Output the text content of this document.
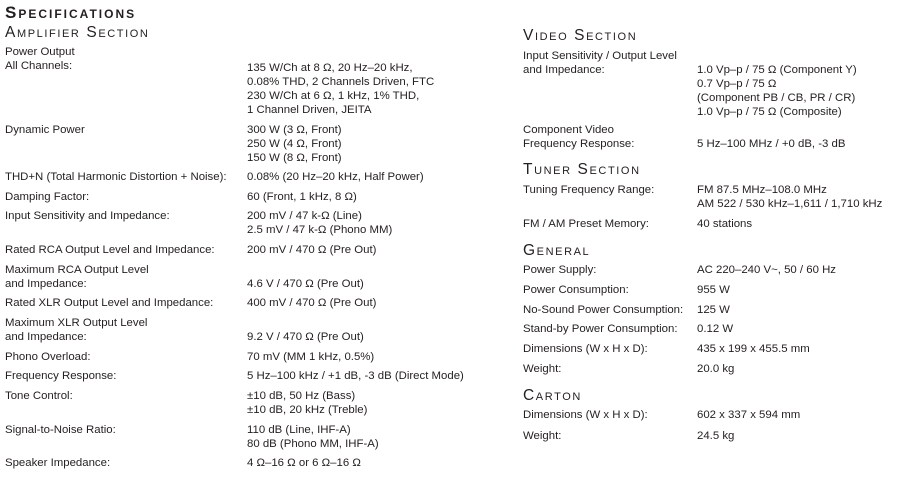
Specifications
Amplifier Section
Power Output
All Channels:	135 W/Ch at 8 Ω, 20 Hz–20 kHz,
0.08% THD, 2 Channels Driven, FTC
230 W/Ch at 6 Ω, 1 kHz, 1% THD,
1 Channel Driven, JEITA
Dynamic Power	300 W (3 Ω, Front)
250 W (4 Ω, Front)
150 W (8 Ω, Front)
THD+N (Total Harmonic Distortion + Noise): 0.08% (20 Hz–20 kHz, Half Power)
Damping Factor:	60 (Front, 1 kHz, 8 Ω)
Input Sensitivity and Impedance:	200 mV / 47 k-Ω (Line)
2.5 mV / 47 k-Ω (Phono MM)
Rated RCA Output Level and Impedance:	200 mV / 470 Ω (Pre Out)
Maximum RCA Output Level
and Impedance:	4.6 V / 470 Ω (Pre Out)
Rated XLR Output Level and Impedance:	400 mV / 470 Ω (Pre Out)
Maximum XLR Output Level
and Impedance:	9.2 V / 470 Ω (Pre Out)
Phono Overload:	70 mV (MM 1 kHz, 0.5%)
Frequency Response:	5 Hz–100 kHz / +1 dB, -3 dB (Direct Mode)
Tone Control:	±10 dB, 50 Hz (Bass)
±10 dB, 20 kHz (Treble)
Signal-to-Noise Ratio:	110 dB (Line, IHF-A)
80 dB (Phono MM, IHF-A)
Speaker Impedance:	4 Ω–16 Ω or 6 Ω–16 Ω
Video Section
Input Sensitivity / Output Level
and Impedance:	1.0 Vp–p / 75 Ω (Component Y)
0.7 Vp–p / 75 Ω
(Component PB / CB, PR / CR)
1.0 Vp–p / 75 Ω (Composite)
Component Video
Frequency Response:	5 Hz–100 MHz / +0 dB, -3 dB
Tuner Section
Tuning Frequency Range:	FM 87.5 MHz–108.0 MHz
AM 522 / 530 kHz–1,611 / 1,710 kHz
FM / AM Preset Memory:	40 stations
General
Power Supply:	AC 220–240 V~, 50 / 60 Hz
Power Consumption:	955 W
No-Sound Power Consumption: 125 W
Stand-by Power Consumption: 0.12 W
Dimensions (W x H x D):	435 x 199 x 455.5 mm
Weight:	20.0 kg
Carton
Dimensions (W x H x D):	602 x 337 x 594 mm
Weight:	24.5 kg
